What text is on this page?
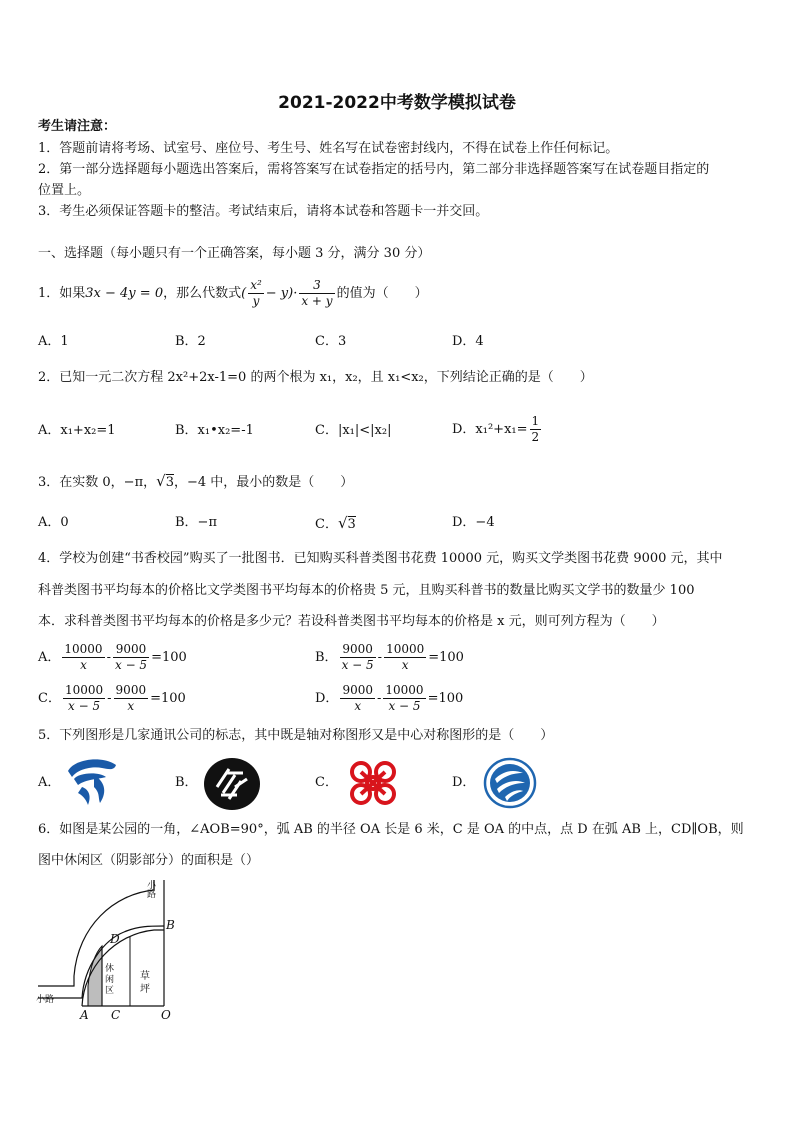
2021-2022中考数学模拟试卷
考生请注意：
1．答题前请将考场、试室号、座位号、考生号、姓名写在试卷密封线内，不得在试卷上作任何标记。
2．第一部分选择题每小题选出答案后，需将答案写在试卷指定的括号内，第二部分非选择题答案写在试卷题目指定的
位置上。
3．考生必须保证答题卡的整洁。考试结束后，请将本试卷和答题卡一并交回。
一、选择题（每小题只有一个正确答案，每小题 3 分，满分 30 分）
1．如果3x − 4y = 0，那么代数式( $\frac{\text{x²}}{y} - y)\cdot \frac{3}{x + y}$ 的值为（　　）
A．1	B．2	C．3	D．4
2．已知一元二次方程 2x²+2x-1=0 的两个根为 x₁，x₂，且 x₁<x₂，下列结论正确的是（　　）
A．x₁+x₂=1	B．x₁•x₂=-1	C．|x₁|<|x₂|	D．$x_1^2+x_1= \frac{1}{2}$
3．在实数 0，−π，√3，−4 中，最小的数是（　　）
A．0	B．−π	C．√3	D．−4
4．学校为创建“书香校园”购买了一批图书．已知购买科普类图书花费 10000 元，购买文学类图书花费 9000 元，其中
科普类图书平均每本的价格比文学类图书平均每本的价格贵 5 元，且购买科普书的数量比购买文学书的数量少 100
本．求科普类图书平均每本的价格是多少元？若设科普类图书平均每本的价格是 x 元，则可列方程为（　　）
A． $\frac{10000}{x} - \frac{9000}{x - 5} =100$	B． $\frac{9000}{x - 5} - \frac{10000}{x} =100$
C． $\frac{10000}{x - 5} - \frac{9000}{x} =100$	D． $\frac{9000}{x} - \frac{10000}{x - 5} =100$
5．下列图形是几家通讯公司的标志，其中既是轴对称图形又是中心对称图形的是（　　）
A．	B．	C．	D．
6．如图是某公园的一角，∠AOB=90°，弧 AB 的半径 OA 长是 6 米，C 是 OA 的中点，点 D 在弧 AB 上，CD∥OB，则
图中休闲区（阴影部分）的面积是（）
小路
小路
休闲区
草坪
A
B
C
D
O
